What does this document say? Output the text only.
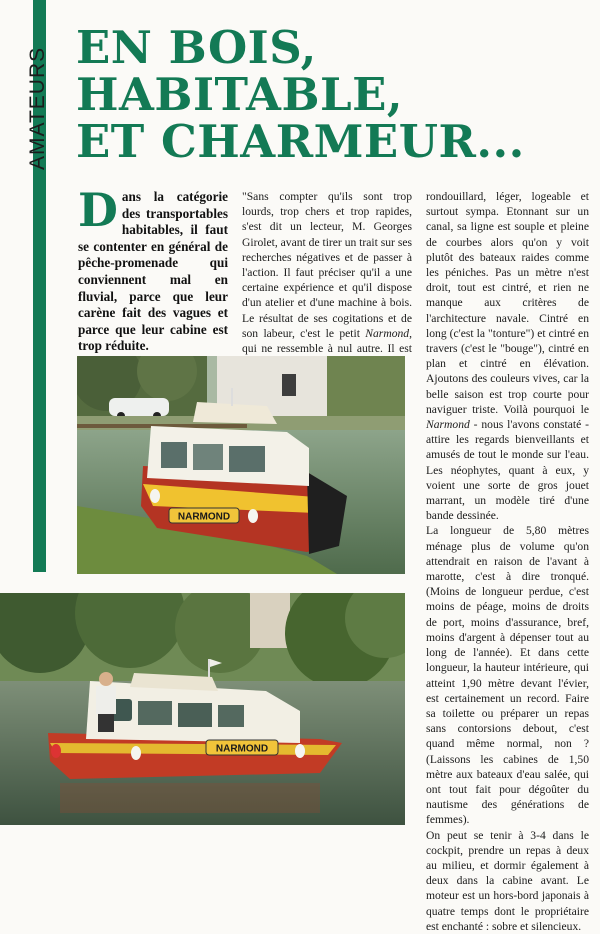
AMATEURS EN BOIS,
HABITABLE,
ET CHARMEUR...
Dans la catégorie des transportables habitables, il faut se contenter en général de pêche-promenade qui conviennent mal en fluvial, parce que leur carène fait des vagues et parce que leur cabine est trop réduite.

"Sans compter qu'ils sont trop lourds, trop chers et trop rapides, s'est dit un lecteur, M. Georges Girolet, avant de tirer un trait sur ses recherches négatives et de passer à l'action. Il faut préciser qu'il a une certaine expérience et qu'il dispose d'un atelier et d'une machine à bois. Le résultat de ses cogitations et de son labeur, c'est le petit Narmond, qui ne ressemble à nul autre. Il est

rondouillard, léger, logeable et surtout sympa. Etonnant sur un canal, sa ligne est souple et pleine de courbes alors qu'on y voit plutôt des bateaux raides comme les péniches. Pas un mètre n'est droit, tout est cintré, et rien ne manque aux critères de l'architecture navale. Cintré en long (c'est la "tonture") et cintré en travers (c'est le "bouge"), cintré en plan et cintré en élévation. Ajoutons des couleurs vives, car la belle saison est trop courte pour naviguer triste. Voilà pourquoi le Narmond - nous l'avons constaté - attire les regards bienveillants et amusés de tout le monde sur l'eau. Les néophytes, quant à eux, y voient une sorte de gros jouet marrant, un modèle tiré d'une bande dessinée.

La longueur de 5,80 mètres ménage plus de volume qu'on attendrait en raison de l'avant à marotte, c'est à dire tronqué. (Moins de longueur perdue, c'est moins de péage, moins de droits de port, moins d'assurance, bref, moins d'argent à dépenser tout au long de l'année). Et dans cette longueur, la hauteur intérieure, qui atteint 1,90 mètre devant l'évier, est certainement un record. Faire sa toilette ou préparer un repas sans contorsions debout, c'est quand même normal, non ? (Laissons les cabines de 1,50 mètre aux bateaux d'eau salée, qui ont tout fait pour dégoûter du nautisme des générations de femmes).

On peut se tenir à 3-4 dans le cockpit, prendre un repas à deux au milieu, et dormir également à deux dans la cabine avant. Le moteur est un hors-bord japonais à quatre temps dont le propriétaire est enchanté : sobre et silencieux.

NARMOND
NARMOND
